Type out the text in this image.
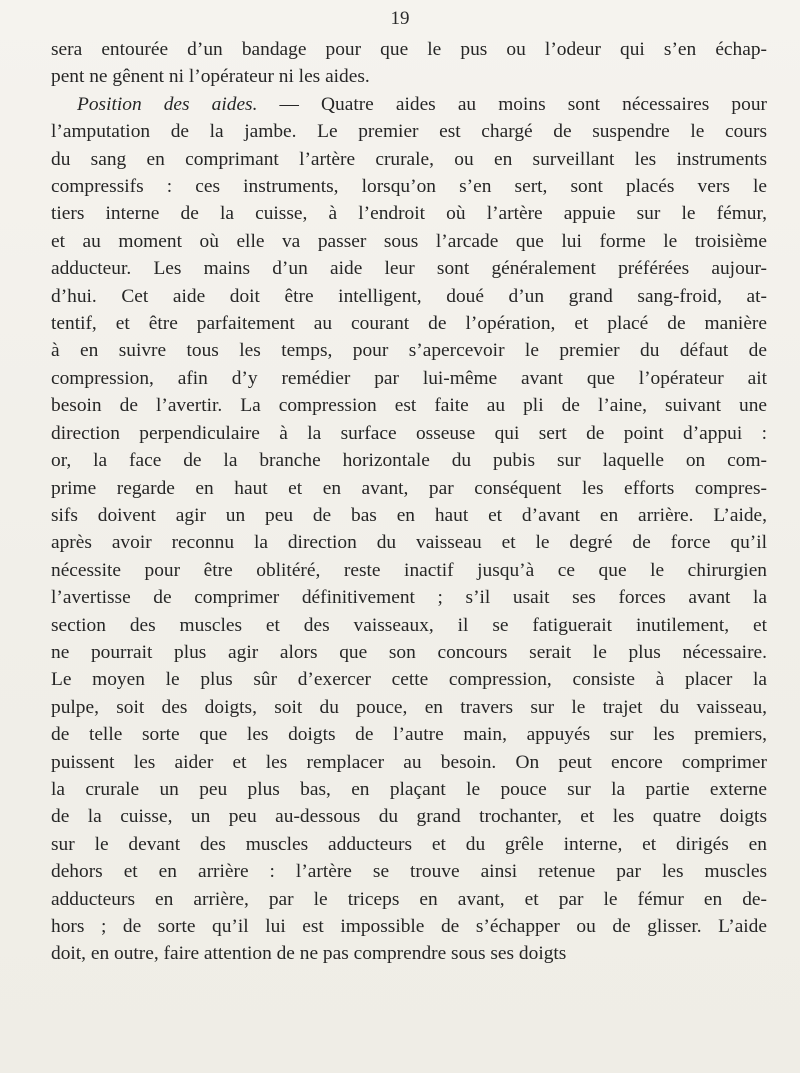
19
sera entourée d’un bandage pour que le pus ou l’odeur qui s’en échap-
pent ne gênent ni l’opérateur ni les aides.
Position des aides. — Quatre aides au moins sont nécessaires pour
l’amputation de la jambe. Le premier est chargé de suspendre le cours
du sang en comprimant l’artère crurale, ou en surveillant les instruments
compressifs : ces instruments, lorsqu’on s’en sert, sont placés vers le
tiers interne de la cuisse, à l’endroit où l’artère appuie sur le fémur,
et au moment où elle va passer sous l’arcade que lui forme le troisième
adducteur. Les mains d’un aide leur sont généralement préférées aujour-
d’hui. Cet aide doit être intelligent, doué d’un grand sang-froid, at-
tentif, et être parfaitement au courant de l’opération, et placé de manière
à en suivre tous les temps, pour s’apercevoir le premier du défaut de
compression, afin d’y remédier par lui-même avant que l’opérateur ait
besoin de l’avertir. La compression est faite au pli de l’aine, suivant une
direction perpendiculaire à la surface osseuse qui sert de point d’appui :
or, la face de la branche horizontale du pubis sur laquelle on com-
prime regarde en haut et en avant, par conséquent les efforts compres-
sifs doivent agir un peu de bas en haut et d’avant en arrière. L’aide,
après avoir reconnu la direction du vaisseau et le degré de force qu’il
nécessite pour être oblitéré, reste inactif jusqu’à ce que le chirurgien
l’avertisse de comprimer définitivement ; s’il usait ses forces avant la
section des muscles et des vaisseaux, il se fatiguerait inutilement, et
ne pourrait plus agir alors que son concours serait le plus nécessaire.
Le moyen le plus sûr d’exercer cette compression, consiste à placer la
pulpe, soit des doigts, soit du pouce, en travers sur le trajet du vaisseau,
de telle sorte que les doigts de l’autre main, appuyés sur les premiers,
puissent les aider et les remplacer au besoin. On peut encore comprimer
la crurale un peu plus bas, en plaçant le pouce sur la partie externe
de la cuisse, un peu au-dessous du grand trochanter, et les quatre doigts
sur le devant des muscles adducteurs et du grêle interne, et dirigés en
dehors et en arrière : l’artère se trouve ainsi retenue par les muscles
adducteurs en arrière, par le triceps en avant, et par le fémur en de-
hors ; de sorte qu’il lui est impossible de s’échapper ou de glisser. L’aide
doit, en outre, faire attention de ne pas comprendre sous ses doigts
